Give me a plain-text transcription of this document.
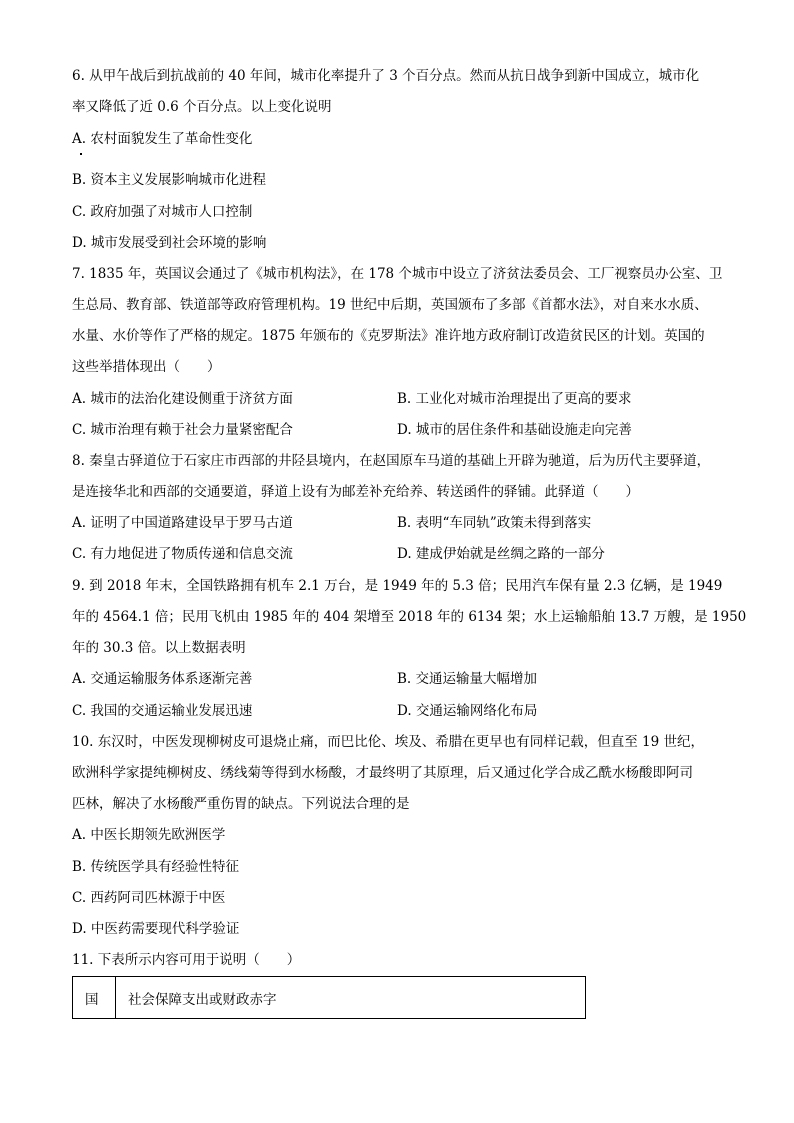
6. 从甲午战后到抗战前的 40 年间，城市化率提升了 3 个百分点。然而从抗日战争到新中国成立，城市化
率又降低了近 0.6 个百分点。以上变化说明
A. 农村面貌发生了革命性变化
B. 资本主义发展影响城市化进程
C. 政府加强了对城市人口控制
D. 城市发展受到社会环境的影响
7. 1835 年，英国议会通过了《城市机构法》，在 178 个城市中设立了济贫法委员会、工厂视察员办公室、卫
生总局、教育部、铁道部等政府管理机构。19 世纪中后期，英国颁布了多部《首都水法》，对自来水水质、
水量、水价等作了严格的规定。1875 年颁布的《克罗斯法》准许地方政府制订改造贫民区的计划。英国的
这些举措体现出（　　）
A. 城市的法治化建设侧重于济贫方面	B. 工业化对城市治理提出了更高的要求
C. 城市治理有赖于社会力量紧密配合	D. 城市的居住条件和基础设施走向完善
8. 秦皇古驿道位于石家庄市西部的井陉县境内，在赵国原车马道的基础上开辟为驰道，后为历代主要驿道，
是连接华北和西部的交通要道，驿道上设有为邮差补充给养、转送函件的驿铺。此驿道（　　）
A. 证明了中国道路建设早于罗马古道	B. 表明“车同轨”政策未得到落实
C. 有力地促进了物质传递和信息交流	D. 建成伊始就是丝绸之路的一部分
9. 到 2018 年末，全国铁路拥有机车 2.1 万台，是 1949 年的 5.3 倍；民用汽车保有量 2.3 亿辆，是 1949
年的 4564.1 倍；民用飞机由 1985 年的 404 架增至 2018 年的 6134 架；水上运输船舶 13.7 万艘，是 1950
年的 30.3 倍。以上数据表明
A. 交通运输服务体系逐渐完善	B. 交通运输量大幅增加
C. 我国的交通运输业发展迅速	D. 交通运输网络化布局
10. 东汉时，中医发现柳树皮可退烧止痛，而巴比伦、埃及、希腊在更早也有同样记载，但直至 19 世纪，
欧洲科学家提纯柳树皮、绣线菊等得到水杨酸，才最终明了其原理，后又通过化学合成乙酰水杨酸即阿司
匹林，解决了水杨酸严重伤胃的缺点。下列说法合理的是
A. 中医长期领先欧洲医学
B. 传统医学具有经验性特征
C. 西药阿司匹林源于中医
D. 中医药需要现代科学验证
11. 下表所示内容可用于说明（　　）
国	社会保障支出或财政赤字
